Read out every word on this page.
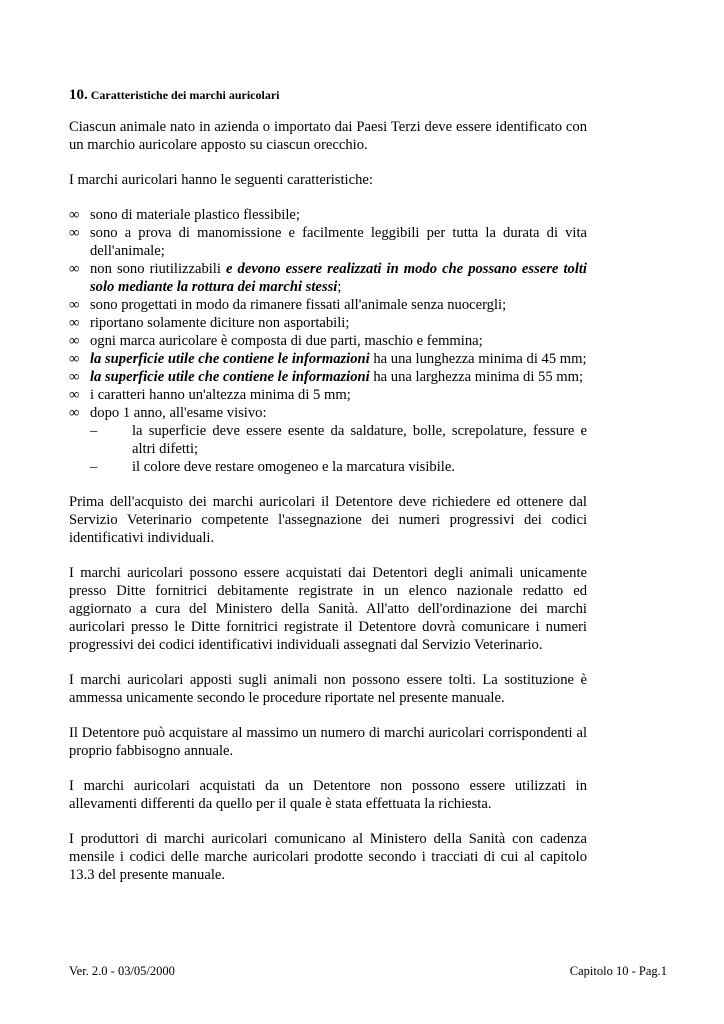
10. Caratteristiche dei marchi auricolari

Ciascun animale nato in azienda o importato dai Paesi Terzi deve essere identificato con un marchio auricolare apposto su ciascun orecchio.

I marchi auricolari hanno le seguenti caratteristiche:

∞ sono di materiale plastico flessibile;
∞ sono a prova di manomissione e facilmente leggibili per tutta la durata di vita dell'animale;
∞ non sono riutilizzabili e devono essere realizzati in modo che possano essere tolti solo mediante la rottura dei marchi stessi;
∞ sono progettati in modo da rimanere fissati all'animale senza nuocergli;
∞ riportano solamente diciture non asportabili;
∞ ogni marca auricolare è composta di due parti, maschio e femmina;
∞ la superficie utile che contiene le informazioni ha una lunghezza minima di 45 mm;
∞ la superficie utile che contiene le informazioni ha una larghezza minima di 55 mm;
∞ i caratteri hanno un'altezza minima di 5 mm;
∞ dopo 1 anno, all'esame visivo:
– la superficie deve essere esente da saldature, bolle, screpolature, fessure e altri difetti;
– il colore deve restare omogeneo e la marcatura visibile.

Prima dell'acquisto dei marchi auricolari il Detentore deve richiedere ed ottenere dal Servizio Veterinario competente l'assegnazione dei numeri progressivi dei codici identificativi individuali.

I marchi auricolari possono essere acquistati dai Detentori degli animali unicamente presso Ditte fornitrici debitamente registrate in un elenco nazionale redatto ed aggiornato a cura del Ministero della Sanità. All'atto dell'ordinazione dei marchi auricolari presso le Ditte fornitrici registrate il Detentore dovrà comunicare i numeri progressivi dei codici identificativi individuali assegnati dal Servizio Veterinario.

I marchi auricolari apposti sugli animali non possono essere tolti. La sostituzione è ammessa unicamente secondo le procedure riportate nel presente manuale.

Il Detentore può acquistare al massimo un numero di marchi auricolari corrispondenti al proprio fabbisogno annuale.

I marchi auricolari acquistati da un Detentore non possono essere utilizzati in allevamenti differenti da quello per il quale è stata effettuata la richiesta.

I produttori di marchi auricolari comunicano al Ministero della Sanità con cadenza mensile i codici delle marche auricolari prodotte secondo i tracciati di cui al capitolo 13.3 del presente manuale.

Ver. 2.0 - 03/05/2000	Capitolo 10 - Pag.1
